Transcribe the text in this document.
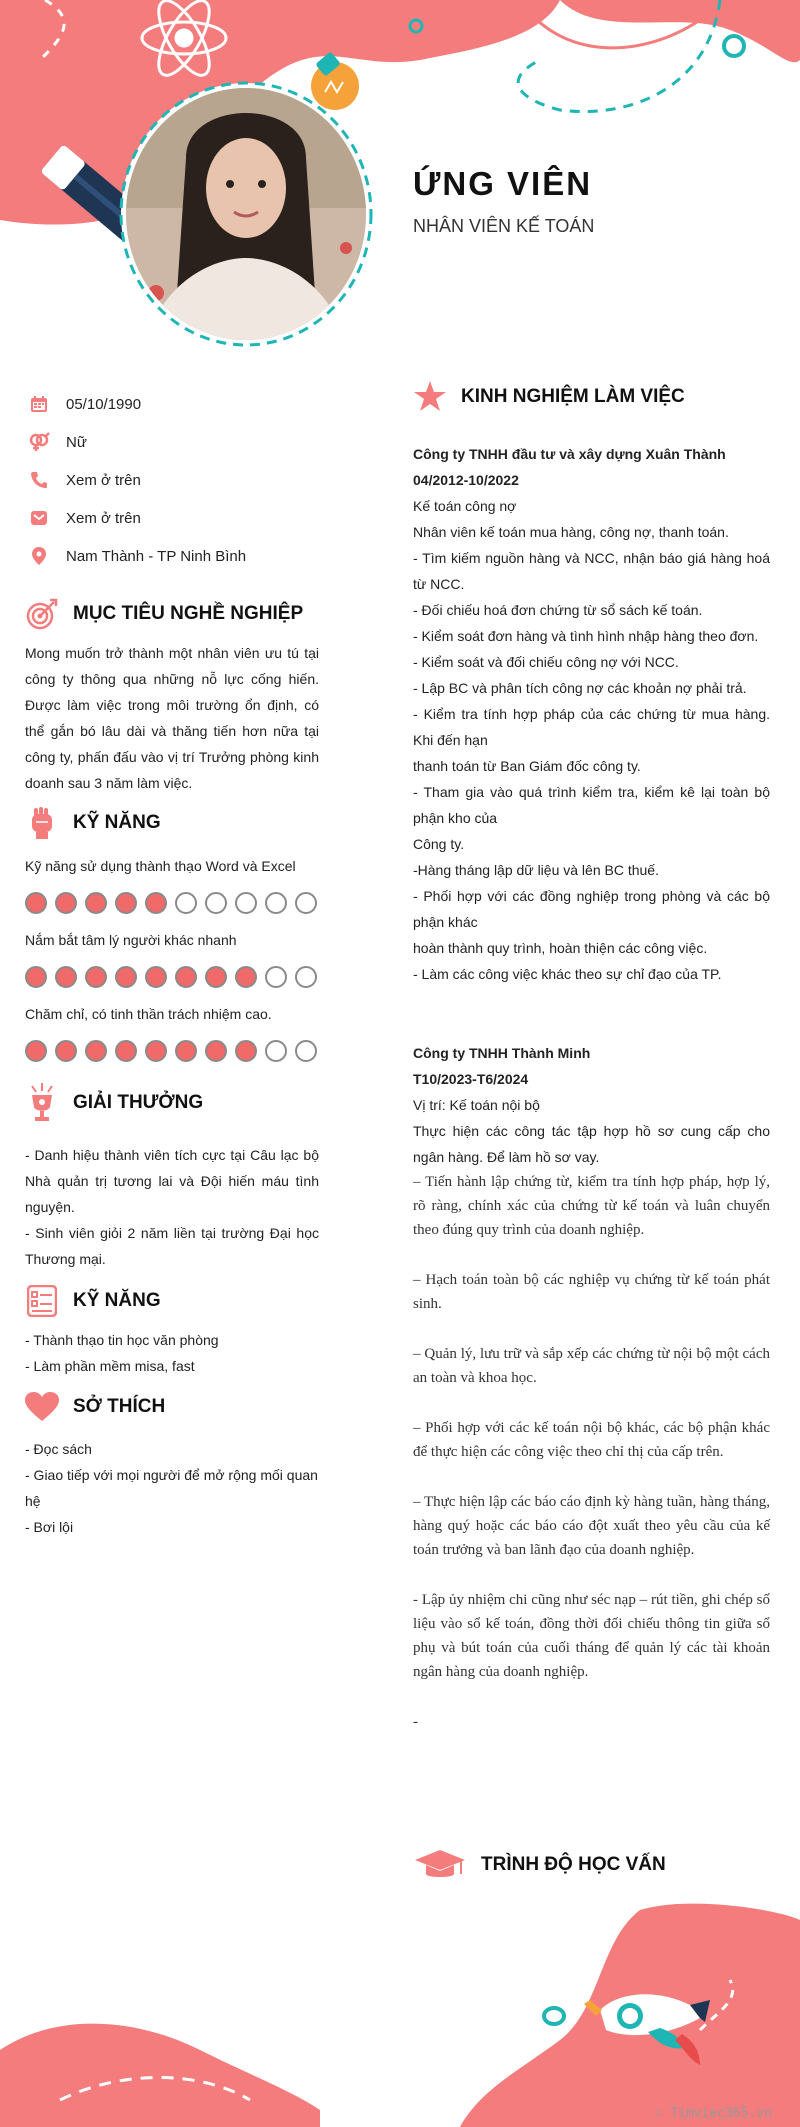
ỨNG VIÊN
NHÂN VIÊN KẾ TOÁN
05/10/1990
Nữ
Xem ở trên
Xem ở trên
Nam Thành - TP Ninh Bình
MỤC TIÊU NGHỀ NGHIỆP
Mong muốn trở thành một nhân viên ưu tú tại công ty thông qua những nỗ lực cống hiến. Được làm việc trong môi trường ổn định, có thể gắn bó lâu dài và thăng tiến hơn nữa tại công ty, phấn đấu vào vị trí Trưởng phòng kinh doanh sau 3 năm làm việc.
KỸ NĂNG
Kỹ năng sử dụng thành thạo Word và Excel
Nắm bắt tâm lý người khác nhanh
Chăm chỉ, có tinh thần trách nhiệm cao.
GIẢI THƯỞNG
- Danh hiệu thành viên tích cực tại Câu lạc bộ Nhà quản trị tương lai và Đội hiến máu tình nguyện.
- Sinh viên giỏi 2 năm liền tại trường Đại học Thương mại.
KỸ NĂNG
- Thành thạo tin học văn phòng
- Làm phần mềm misa, fast
SỞ THÍCH
- Đọc sách
- Giao tiếp với mọi người để mở rộng mối quan hệ
- Bơi lội
KINH NGHIỆM LÀM VIỆC
Công ty TNHH đầu tư và xây dựng Xuân Thành
04/2012-10/2022
Kế toán công nợ
Nhân viên kế toán mua hàng, công nợ, thanh toán.
- Tìm kiếm nguồn hàng và NCC, nhận báo giá hàng hoá từ NCC.
- Đối chiếu hoá đơn chứng từ sổ sách kế toán.
- Kiểm soát đơn hàng và tình hình nhập hàng theo đơn.
- Kiểm soát và đối chiếu công nợ với NCC.
- Lập BC và phân tích công nợ các khoản nợ phải trả.
- Kiểm tra tính hợp pháp của các chứng từ mua hàng. Khi đến hạn
thanh toán từ Ban Giám đốc công ty.
- Tham gia vào quá trình kiểm tra, kiểm kê lại toàn bộ phận kho của
Công ty.
-Hàng tháng lập dữ liệu và lên BC thuế.
- Phối hợp với các đồng nghiệp trong phòng và các bộ phận khác
hoàn thành quy trình, hoàn thiện các công việc.
- Làm các công việc khác theo sự chỉ đạo của TP.
Công ty TNHH Thành Minh
T10/2023-T6/2024
Vị trí: Kế toán nội bộ
Thực hiện các công tác tập hợp hồ sơ cung cấp cho ngân hàng. Để làm hồ sơ vay.
– Tiến hành lập chứng từ, kiểm tra tính hợp pháp, hợp lý, rõ ràng, chính xác của chứng từ kế toán và luân chuyển theo đúng quy trình của doanh nghiệp.
– Hạch toán toàn bộ các nghiệp vụ chứng từ kế toán phát sinh.
– Quản lý, lưu trữ và sắp xếp các chứng từ nội bộ một cách an toàn và khoa học.
– Phối hợp với các kế toán nội bộ khác, các bộ phận khác để thực hiện các công việc theo chỉ thị của cấp trên.
– Thực hiện lập các báo cáo định kỳ hàng tuần, hàng tháng, hàng quý hoặc các báo cáo đột xuất theo yêu cầu của kế toán trưởng và ban lãnh đạo của doanh nghiệp.
- Lập ủy nhiệm chi cũng như séc nạp – rút tiền, ghi chép số liệu vào sổ kế toán, đồng thời đối chiếu thông tin giữa sổ phụ và bút toán của cuối tháng để quản lý các tài khoản ngân hàng của doanh nghiệp.
-
TRÌNH ĐỘ HỌC VẤN
∴ Timviec365.vn
